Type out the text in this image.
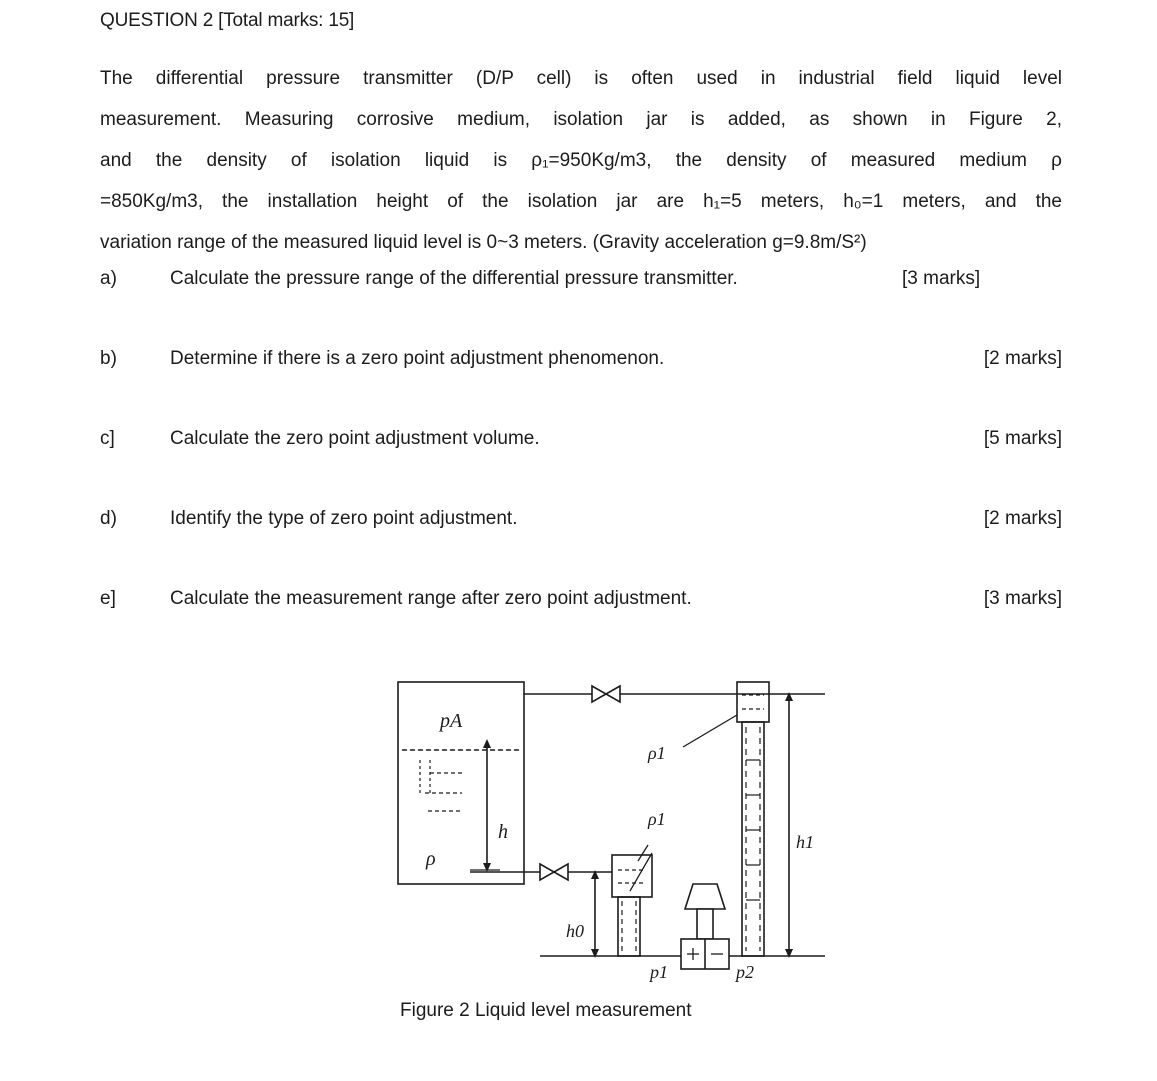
QUESTION 2 [Total marks: 15]
The differential pressure transmitter (D/P cell) is often used in industrial field liquid level
measurement. Measuring corrosive medium, isolation jar is added, as shown in Figure 2,
and the density of isolation liquid is ρ₁=950Kg/m3, the density of measured medium ρ
=850Kg/m3, the installation height of the isolation jar are h₁=5 meters, h₀=1 meters, and the
variation range of the measured liquid level is 0~3 meters. (Gravity acceleration g=9.8m/S²)
a)	Calculate the pressure range of the differential pressure transmitter.	[3 marks]
b)	Determine if there is a zero point adjustment phenomenon.	[2 marks]
c]	Calculate the zero point adjustment volume.	[5 marks]
d)	Identify the type of zero point adjustment.	[2 marks]
e]	Calculate the measurement range after zero point adjustment.	[3 marks]
pA
ρ
h
ρ1
ρ1
h0
h1
p1	p2
Figure 2 Liquid level measurement
